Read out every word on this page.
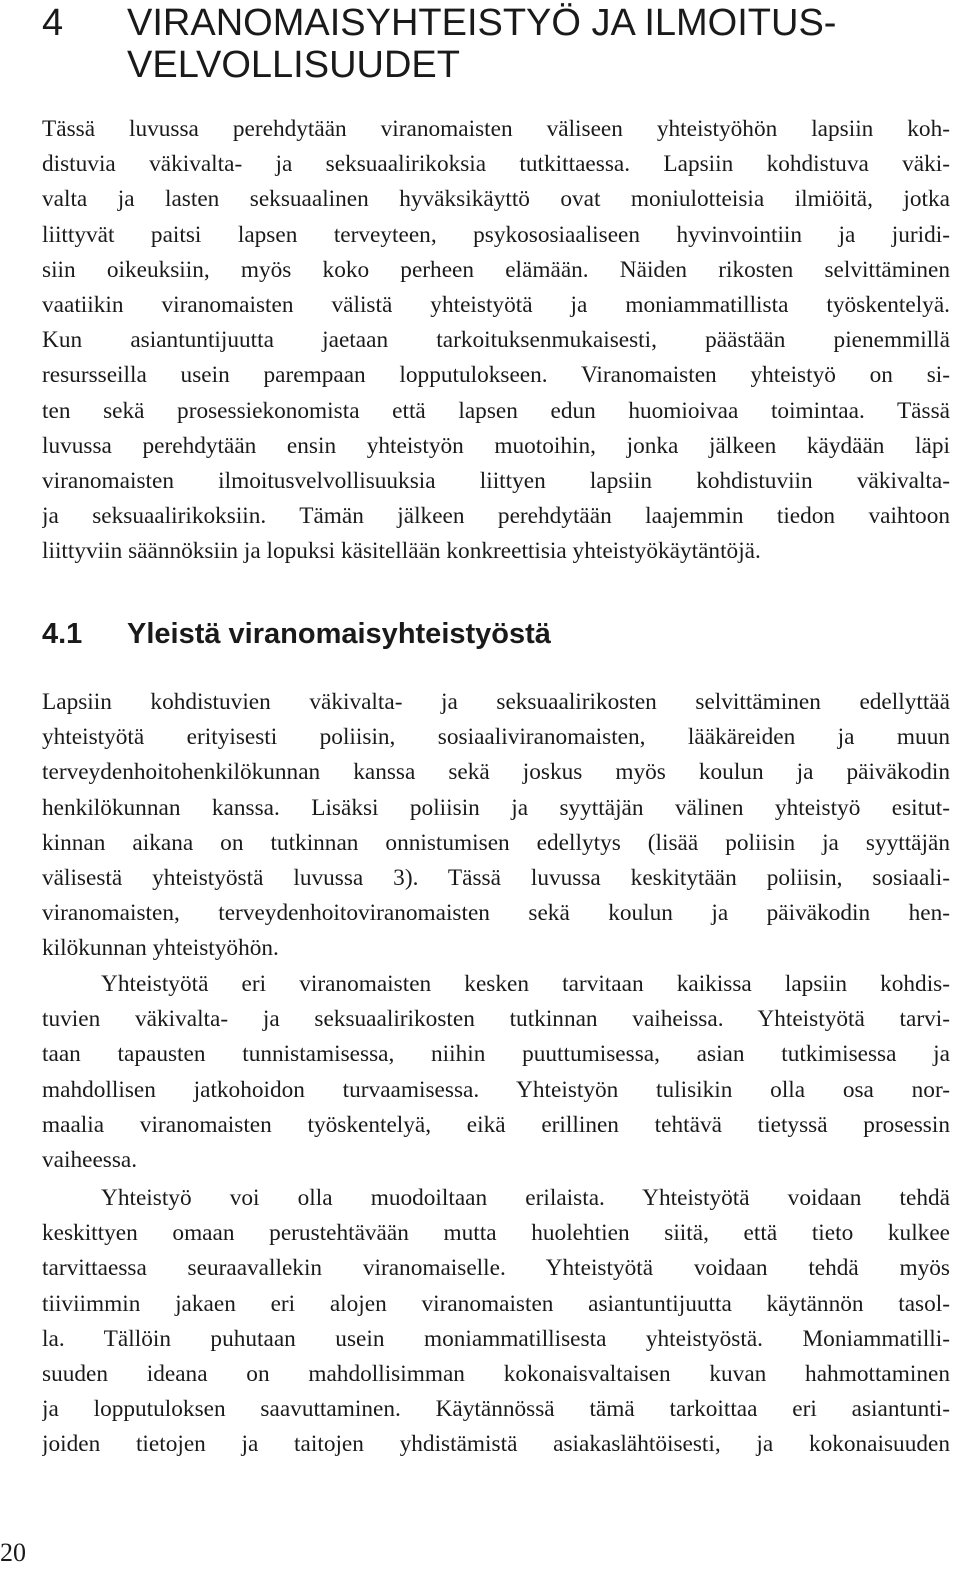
4	VIRANOMAISYHTEISTYÖ JA ILMOITUS-
VELVOLLISUUDET
Tässä luvussa perehdytään viranomaisten väliseen yhteistyöhön lapsiin koh-
distuvia väkivalta- ja seksuaalirikoksia tutkittaessa. Lapsiin kohdistuva väki-
valta ja lasten seksuaalinen hyväksikäyttö ovat moniulotteisia ilmiöitä, jotka
liittyvät paitsi lapsen terveyteen, psykososiaaliseen hyvinvointiin ja juridi-
siin oikeuksiin, myös koko perheen elämään. Näiden rikosten selvittäminen
vaatiikin viranomaisten välistä yhteistyötä ja moniammatillista työskentelyä.
Kun asiantuntijuutta jaetaan tarkoituksenmukaisesti, päästään pienemmillä
resursseilla usein parempaan lopputulokseen. Viranomaisten yhteistyö on si-
ten sekä prosessiekonomista että lapsen edun huomioivaa toimintaa. Tässä
luvussa perehdytään ensin yhteistyön muotoihin, jonka jälkeen käydään läpi
viranomaisten ilmoitusvelvollisuuksia liittyen lapsiin kohdistuviin väkivalta-
ja seksuaalirikoksiin. Tämän jälkeen perehdytään laajemmin tiedon vaihtoon
liittyviin säännöksiin ja lopuksi käsitellään konkreettisia yhteistyökäytäntöjä.
4.1 Yleistä viranomaisyhteistyöstä
Lapsiin kohdistuvien väkivalta- ja seksuaalirikosten selvittäminen edellyttää
yhteistyötä erityisesti poliisin, sosiaaliviranomaisten, lääkäreiden ja muun
terveydenhoitohenkilökunnan kanssa sekä joskus myös koulun ja päiväkodin
henkilökunnan kanssa. Lisäksi poliisin ja syyttäjän välinen yhteistyö esitut-
kinnan aikana on tutkinnan onnistumisen edellytys (lisää poliisin ja syyttäjän
välisestä yhteistyöstä luvussa 3). Tässä luvussa keskitytään poliisin, sosiaali-
viranomaisten, terveydenhoitoviranomaisten sekä koulun ja päiväkodin hen-
kilökunnan yhteistyöhön.
Yhteistyötä eri viranomaisten kesken tarvitaan kaikissa lapsiin kohdis-
tuvien väkivalta- ja seksuaalirikosten tutkinnan vaiheissa. Yhteistyötä tarvi-
taan tapausten tunnistamisessa, niihin puuttumisessa, asian tutkimisessa ja
mahdollisen jatkohoidon turvaamisessa. Yhteistyön tulisikin olla osa nor-
maalia viranomaisten työskentelyä, eikä erillinen tehtävä tietyssä prosessin
vaiheessa.
Yhteistyö voi olla muodoiltaan erilaista. Yhteistyötä voidaan tehdä
keskittyen omaan perustehtävään mutta huolehtien siitä, että tieto kulkee
tarvittaessa seuraavallekin viranomaiselle. Yhteistyötä voidaan tehdä myös
tiiviimmin jakaen eri alojen viranomaisten asiantuntijuutta käytännön tasol-
la. Tällöin puhutaan usein moniammatillisesta yhteistyöstä. Moniammatilli-
suuden ideana on mahdollisimman kokonaisvaltaisen kuvan hahmottaminen
ja lopputuloksen saavuttaminen. Käytännössä tämä tarkoittaa eri asiantunti-
joiden tietojen ja taitojen yhdistämistä asiakaslähtöisesti, ja kokonaisuuden
20
